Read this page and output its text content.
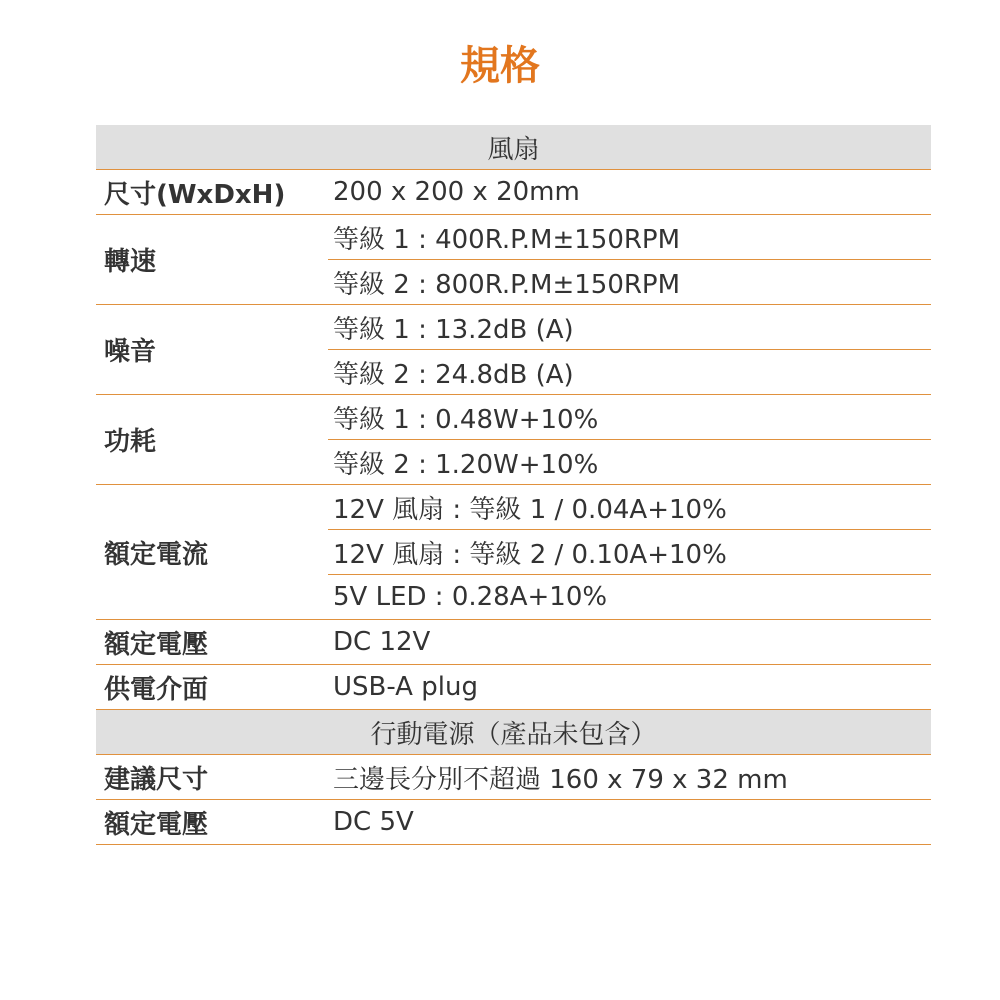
規格
風扇	
尺寸(WxDxH)	200 x 200 x 20mm
轉速	等級 1 : 400R.P.M±150RPM
	等級 2 : 800R.P.M±150RPM
噪音	等級 1 : 13.2dB (A)
	等級 2 : 24.8dB (A)
功耗	等級 1 : 0.48W+10%
	等級 2 : 1.20W+10%
額定電流	12V 風扇 : 等級 1 / 0.04A+10%
	12V 風扇 : 等級 2 / 0.10A+10%
	5V LED : 0.28A+10%
額定電壓	DC 12V
供電介面	USB-A plug
行動電源（產品未包含）	
建議尺寸	三邊長分別不超過 160 x 79 x 32 mm
額定電壓	DC 5V
